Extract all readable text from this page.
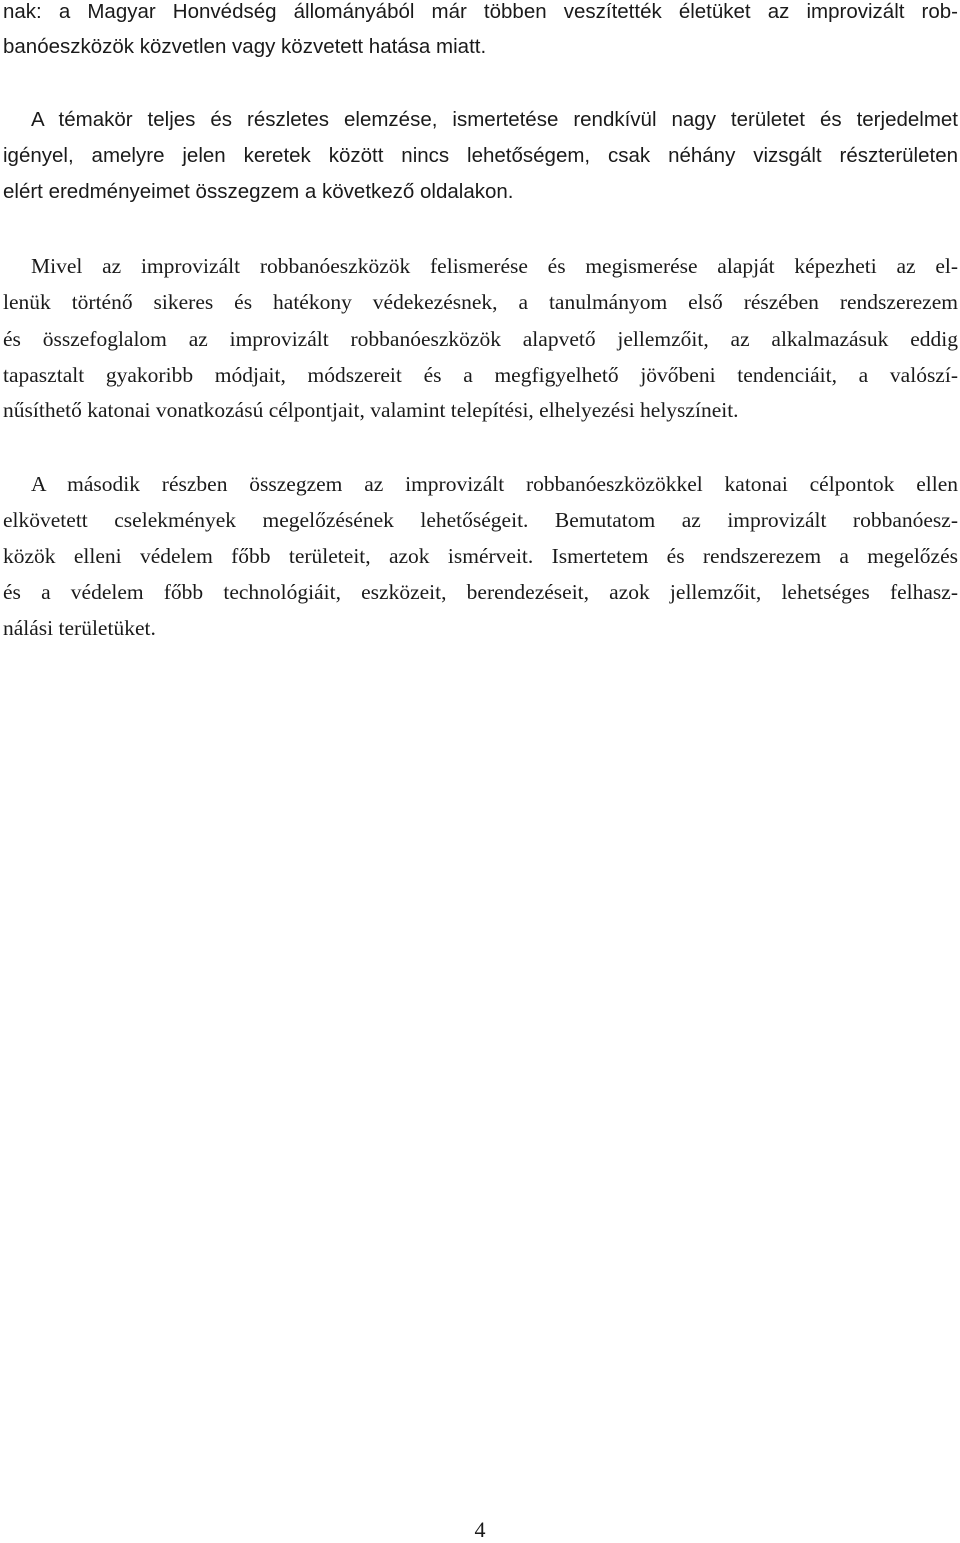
nak: a Magyar Honvédség állományából már többen veszítették életüket az improvizált rob-
banóeszközök közvetlen vagy közvetett hatása miatt.
A témakör teljes és részletes elemzése, ismertetése rendkívül nagy területet és terjedelmet
igényel, amelyre jelen keretek között nincs lehetőségem, csak néhány vizsgált részterületen
elért eredményeimet összegzem a következő oldalakon.
Mivel az improvizált robbanóeszközök felismerése és megismerése alapját képezheti az el-
lenük történő sikeres és hatékony védekezésnek, a tanulmányom első részében rendszerezem
és összefoglalom az improvizált robbanóeszközök alapvető jellemzőit, az alkalmazásuk eddig
tapasztalt gyakoribb módjait, módszereit és a megfigyelhető jövőbeni tendenciáit, a valószí-
nűsíthető katonai vonatkozású célpontjait, valamint telepítési, elhelyezési helyszíneit.
A második részben összegzem az improvizált robbanóeszközökkel katonai célpontok ellen
elkövetett cselekmények megelőzésének lehetőségeit. Bemutatom az improvizált robbanóesz-
közök elleni védelem főbb területeit, azok ismérveit. Ismertetem és rendszerezem a megelőzés
és a védelem főbb technológiáit, eszközeit, berendezéseit, azok jellemzőit, lehetséges felhasz-
nálási területüket.
4
